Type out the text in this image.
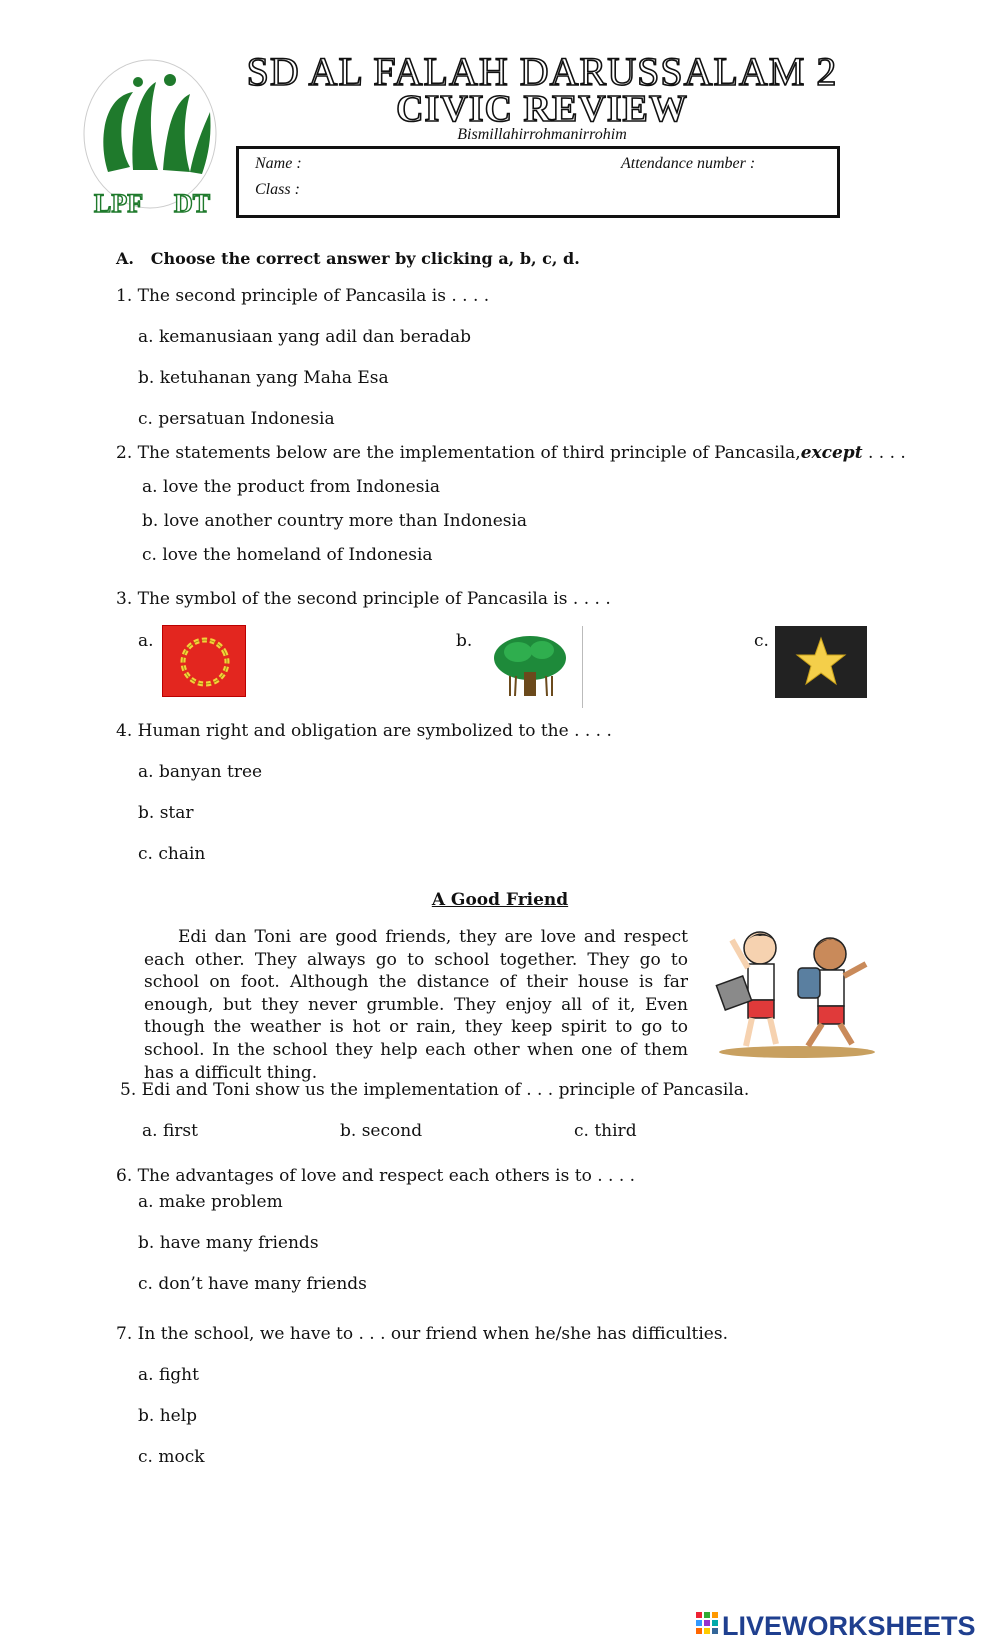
LPF DT
SD AL FALAH DARUSSALAM 2
CIVIC REVIEW
Bismillahirrohmanirrohim
Name :
Class :
Attendance number :
A. Choose the correct answer by clicking a, b, c, d.
1. The second principle of Pancasila is . . . .
a. kemanusiaan yang adil dan beradab
b. ketuhanan yang Maha Esa
c. persatuan Indonesia
2. The statements below are the implementation of third principle of Pancasila,except . . . .
a. love the product from Indonesia
b. love another country more than Indonesia
c. love the homeland of Indonesia
3. The symbol of the second principle of Pancasila is . . . .
a.	b.	c.
4. Human right and obligation are symbolized to the . . . .
a. banyan tree
b. star
c. chain
A Good Friend
Edi dan Toni are good friends, they are love and respect each other. They always go to school together. They go to school on foot. Although the distance of their house is far enough, but they never grumble. They enjoy all of it, Even though the weather is hot or rain, they keep spirit to go to school. In the school they help each other when one of them has a difficult thing.
5. Edi and Toni show us the implementation of . . . principle of Pancasila.
a. first	b. second	c. third
6. The advantages of love and respect each others is to . . . .
a. make problem
b. have many friends
c. don’t have many friends
7. In the school, we have to . . . our friend when he/she has difficulties.
a. fight
b. help
c. mock
LIVEWORKSHEETS
